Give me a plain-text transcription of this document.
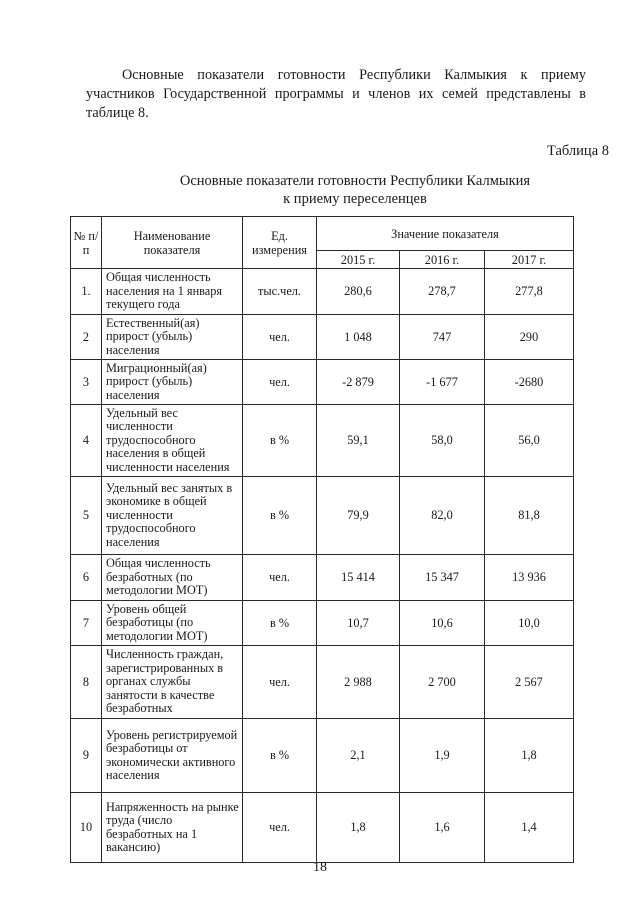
Основные показатели готовности Республики Калмыкия к приему участников Государственной программы и членов их семей представлены в таблице 8.

Таблица 8
Основные показатели готовности Республики Калмыкия
к приему переселенцев
№ п/п	Наименование показателя	Ед. измерения	Значение показателя		
			2015 г.	2016 г.	2017 г.
1.	Общая численность населения на 1 января текущего года	тыс.чел.	280,6	278,7	277,8
2	Естественный(ая) прирост (убыль) населения	чел.	1 048	747	290
3	Миграционный(ая) прирост (убыль) населения	чел.	-2 879	-1 677	-2680
4	Удельный вес численности трудоспособного населения в общей численности населения	в %	59,1	58,0	56,0
5	Удельный вес занятых в экономике в общей численности трудоспособного населения	в %	79,9	82,0	81,8
6	Общая численность безработных (по методологии МОТ)	чел.	15 414	15 347	13 936
7	Уровень общей безработицы (по методологии МОТ)	в %	10,7	10,6	10,0
8	Численность граждан, зарегистрированных в органах службы занятости в качестве безработных	чел.	2 988	2 700	2 567
9	Уровень регистрируемой безработицы от экономически активного населения	в %	2,1	1,9	1,8
10	Напряженность на рынке труда (число безработных на 1 вакансию)	чел.	1,8	1,6	1,4
18
